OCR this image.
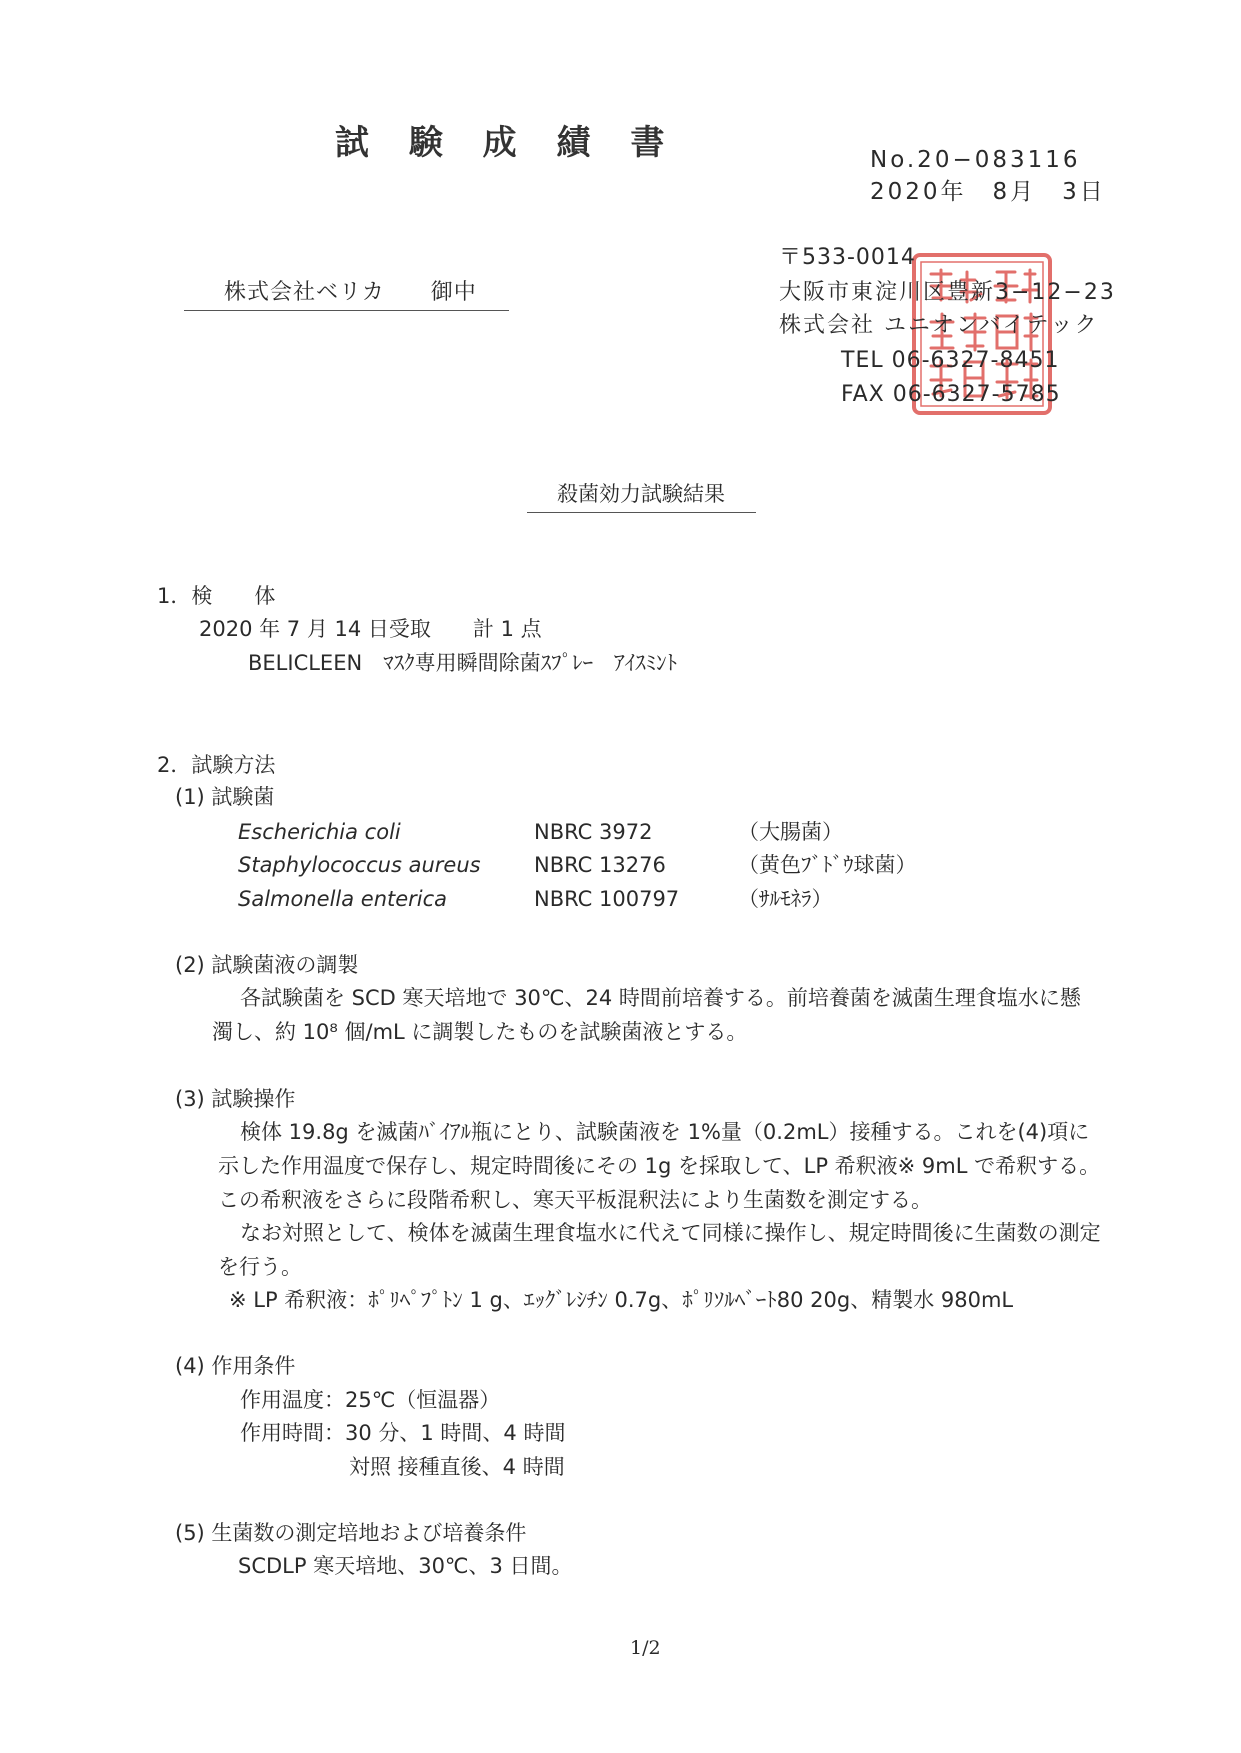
試 験 成 績 書	No.20−083116
2020年　8月　3日
株式会社ベリカ　　御中
〒533-0014
大阪市東淀川区豊新3−12−23
株式会社 ユニオンバイテック
TEL 06-6327-8451
FAX 06-6327-5785
殺菌効力試験結果
1．検　　体
2020 年 7 月 14 日受取　　計 1 点
BELICLEEN　ﾏｽｸ専用瞬間除菌ｽﾌﾟﾚｰ　ｱｲｽﾐﾝﾄ
2．試験方法
(1) 試験菌
Escherichia coli	NBRC 3972	（大腸菌）
Staphylococcus aureus	NBRC 13276	（黄色ﾌﾞﾄﾞｳ球菌）
Salmonella enterica	NBRC 100797	（ｻﾙﾓﾈﾗ）
(2) 試験菌液の調製
各試験菌を SCD 寒天培地で 30℃、24 時間前培養する。前培養菌を滅菌生理食塩水に懸
濁し、約 10⁸ 個/mL に調製したものを試験菌液とする。
(3) 試験操作
検体 19.8g を滅菌ﾊﾞｲｱﾙ瓶にとり、試験菌液を 1%量（0.2mL）接種する。これを(4)項に
示した作用温度で保存し、規定時間後にその 1g を採取して、LP 希釈液※ 9mL で希釈する。
この希釈液をさらに段階希釈し、寒天平板混釈法により生菌数を測定する。
なお対照として、検体を滅菌生理食塩水に代えて同様に操作し、規定時間後に生菌数の測定
を行う。
※ LP 希釈液：ﾎﾟﾘﾍﾟﾌﾟﾄﾝ 1 g、ｴｯｸﾞﾚｼﾁﾝ 0.7g、ﾎﾟﾘｿﾙﾍﾞｰﾄ80 20g、精製水 980mL
(4) 作用条件
作用温度：25℃（恒温器）
作用時間：30 分、1 時間、4 時間
対照 接種直後、4 時間
(5) 生菌数の測定培地および培養条件
SCDLP 寒天培地、30℃、3 日間。
1/2
